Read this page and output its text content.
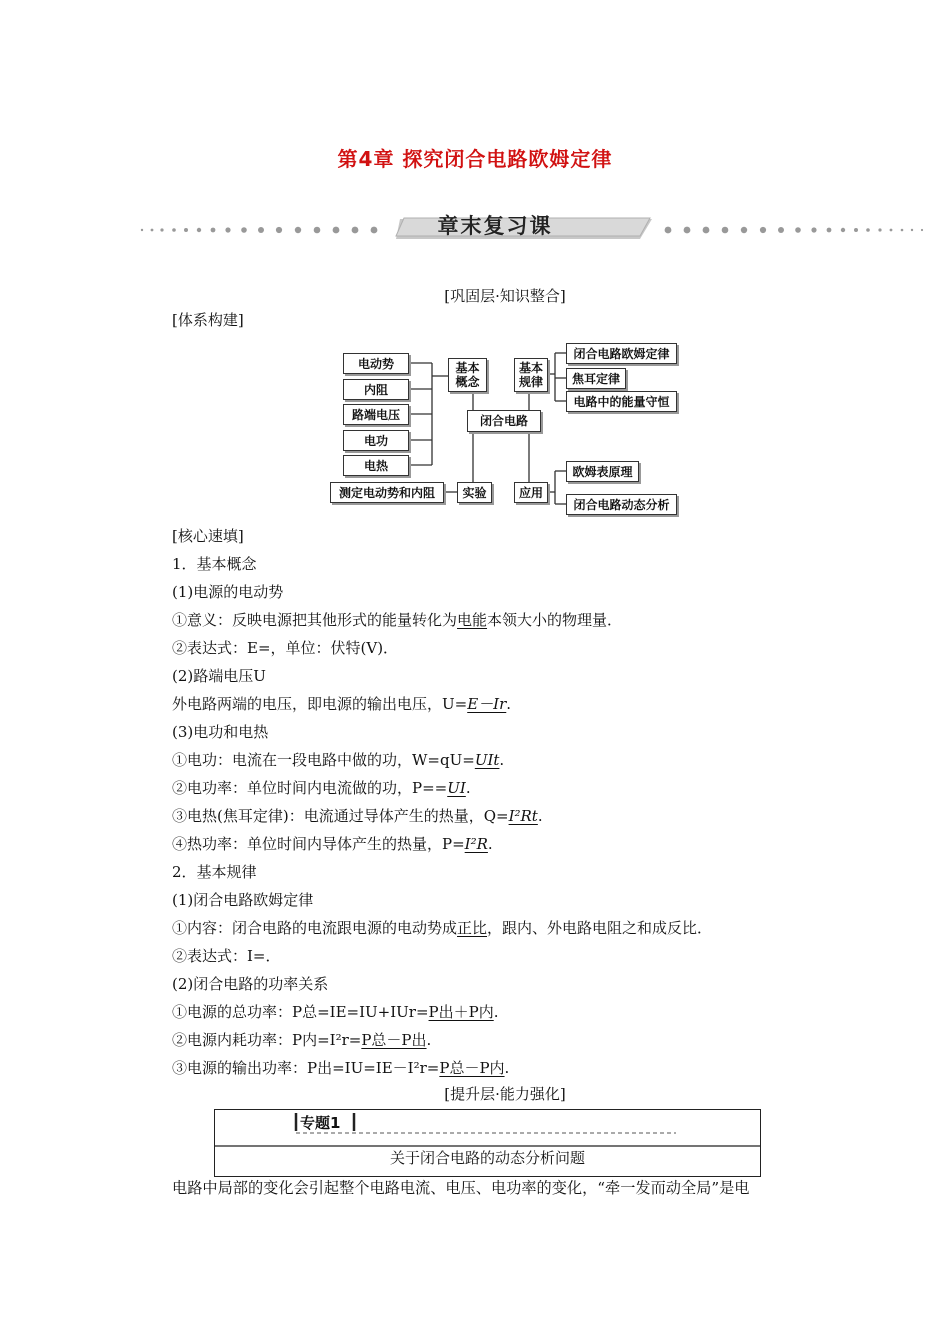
第4章 探究闭合电路欧姆定律
章末复习课
[巩固层·知识整合]
[体系构建]
电动势
内阻
路端电压
电功
电热
测定电动势和内阻
基本
概念
实验
闭合电路
基本
规律
应用
闭合电路欧姆定律
焦耳定律
电路中的能量守恒
欧姆表原理
闭合电路动态分析
[核心速填]
1．基本概念
(1)电源的电动势
①意义：反映电源把其他形式的能量转化为电能本领大小的物理量．
②表达式：E=，单位：伏特(V)．
(2)路端电压U
外电路两端的电压，即电源的输出电压，U=E－Ir.
(3)电功和电热
①电功：电流在一段电路中做的功，W=qU=UIt.
②电功率：单位时间内电流做的功，P==UI.
③电热(焦耳定律)：电流通过导体产生的热量，Q=I²Rt.
④热功率：单位时间内导体产生的热量，P=I²R.
2．基本规律
(1)闭合电路欧姆定律
①内容：闭合电路的电流跟电源的电动势成正比，跟内、外电路电阻之和成反比．
②表达式：I=．
(2)闭合电路的功率关系
①电源的总功率：P总=IE=IU+IUr=P出＋P内.
②电源内耗功率：P内=I²r=P总－P出.
③电源的输出功率：P出=IU=IE－I²r=P总－P内.
[提升层·能力强化]
专题1
关于闭合电路的动态分析问题
电路中局部的变化会引起整个电路电流、电压、电功率的变化，“牵一发而动全局”是电
